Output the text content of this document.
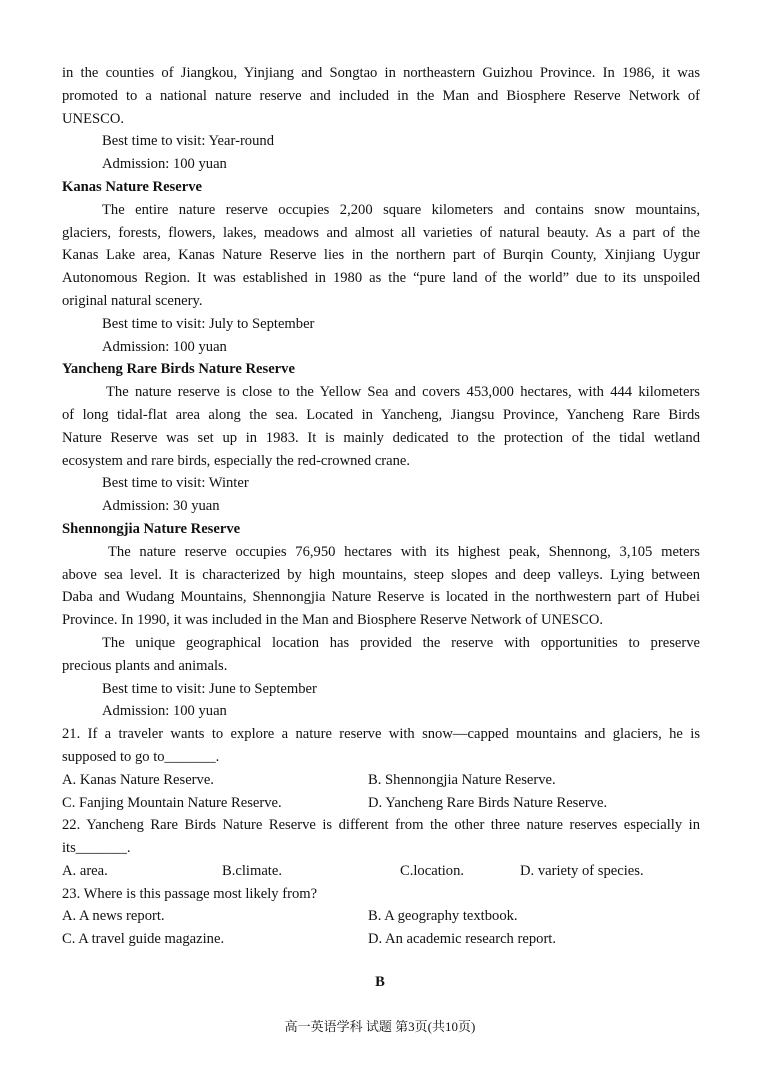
in the counties of Jiangkou, Yinjiang and Songtao in northeastern Guizhou Province. In 1986, it was
promoted to a national nature reserve and included in the Man and Biosphere Reserve Network of
UNESCO.
Best time to visit: Year-round
Admission: 100 yuan
Kanas Nature Reserve
The entire nature reserve occupies 2,200 square kilometers and contains snow mountains,
glaciers, forests, flowers, lakes, meadows and almost all varieties of natural beauty. As a part of the
Kanas Lake area, Kanas Nature Reserve lies in the northern part of Burqin County, Xinjiang Uygur
Autonomous Region. It was established in 1980 as the “pure land of the world” due to its unspoiled
original natural scenery.
Best time to visit: July to September
Admission: 100 yuan
Yancheng Rare Birds Nature Reserve
The nature reserve is close to the Yellow Sea and covers 453,000 hectares, with 444 kilometers
of long tidal-flat area along the sea. Located in Yancheng, Jiangsu Province, Yancheng Rare Birds
Nature Reserve was set up in 1983. It is mainly dedicated to the protection of the tidal wetland
ecosystem and rare birds, especially the red-crowned crane.
Best time to visit: Winter
Admission: 30 yuan
Shennongjia Nature Reserve
The nature reserve occupies 76,950 hectares with its highest peak, Shennong, 3,105 meters
above sea level. It is characterized by high mountains, steep slopes and deep valleys. Lying between
Daba and Wudang Mountains, Shennongjia Nature Reserve is located in the northwestern part of Hubei
Province. In 1990, it was included in the Man and Biosphere Reserve Network of UNESCO.
The unique geographical location has provided the reserve with opportunities to preserve
precious plants and animals.
Best time to visit: June to September
Admission: 100 yuan
21. If a traveler wants to explore a nature reserve with snow—capped mountains and glaciers, he is
supposed to go to_______.
A. Kanas Nature Reserve.	B. Shennongjia Nature Reserve.
C. Fanjing Mountain Nature Reserve.	D. Yancheng Rare Birds Nature Reserve.
22. Yancheng Rare Birds Nature Reserve is different from the other three nature reserves especially in
its_______.
A. area.	B.climate.	C.location.	D. variety of species.
23. Where is this passage most likely from?
A. A news report.	B. A geography textbook.
C. A travel guide magazine.	D. An academic research report.
B
高一英语学科 试题 第3页(共10页)
